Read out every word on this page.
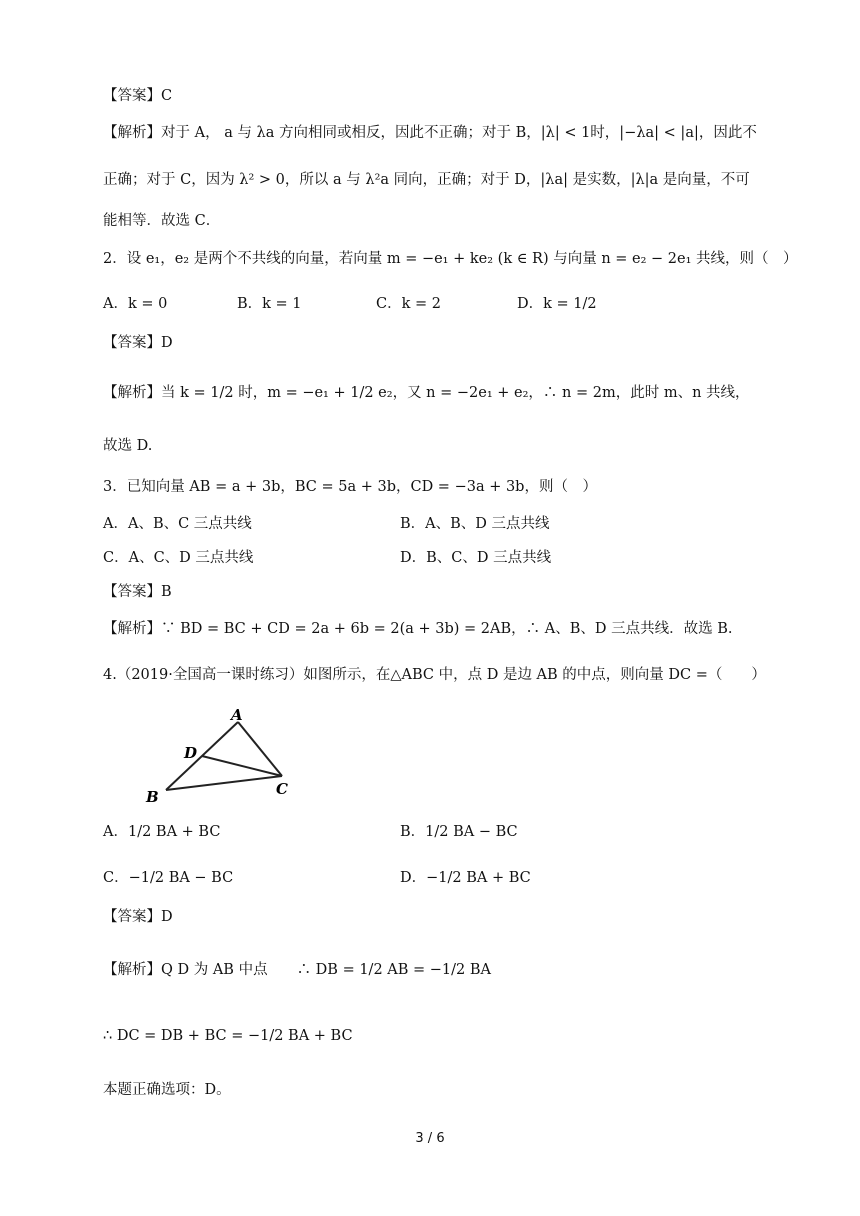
【答案】C
【解析】对于 A， a 与 λa 方向相同或相反，因此不正确；对于 B，|λ| < 1时，|−λa| < |a|，因此不
正确；对于 C，因为 λ² > 0，所以 a 与 λ²a 同向，正确；对于 D，|λa| 是实数，|λ|a 是向量，不可
能相等．故选 C．
2．设 e₁，e₂ 是两个不共线的向量，若向量 m = −e₁ + ke₂ (k ∈ R) 与向量 n = e₂ − 2e₁ 共线，则（　）
A．k = 0	B．k = 1	C．k = 2	D．k = 1/2
【答案】D
【解析】当 k = 1/2 时，m = −e₁ + 1/2 e₂，又 n = −2e₁ + e₂，∴ n = 2m，此时 m、n 共线，
故选 D.
3．已知向量 AB = a + 3b，BC = 5a + 3b，CD = −3a + 3b，则（　）
A．A、B、C 三点共线	B．A、B、D 三点共线
C．A、C、D 三点共线	D．B、C、D 三点共线
【答案】B
【解析】∵ BD = BC + CD = 2a + 6b = 2(a + 3b) = 2AB，∴ A、B、D 三点共线．故选 B.
4.（2019·全国高一课时练习）如图所示，在△ABC 中，点 D 是边 AB 的中点，则向量 DC =（　　）
A
D
B	C
A．1/2 BA + BC	B．1/2 BA − BC
C．−1/2 BA − BC	D．−1/2 BA + BC
【答案】D
【解析】Q D 为 AB 中点　　∴ DB = 1/2 AB = −1/2 BA
∴ DC = DB + BC = −1/2 BA + BC
本题正确选项：D。
3 / 6
